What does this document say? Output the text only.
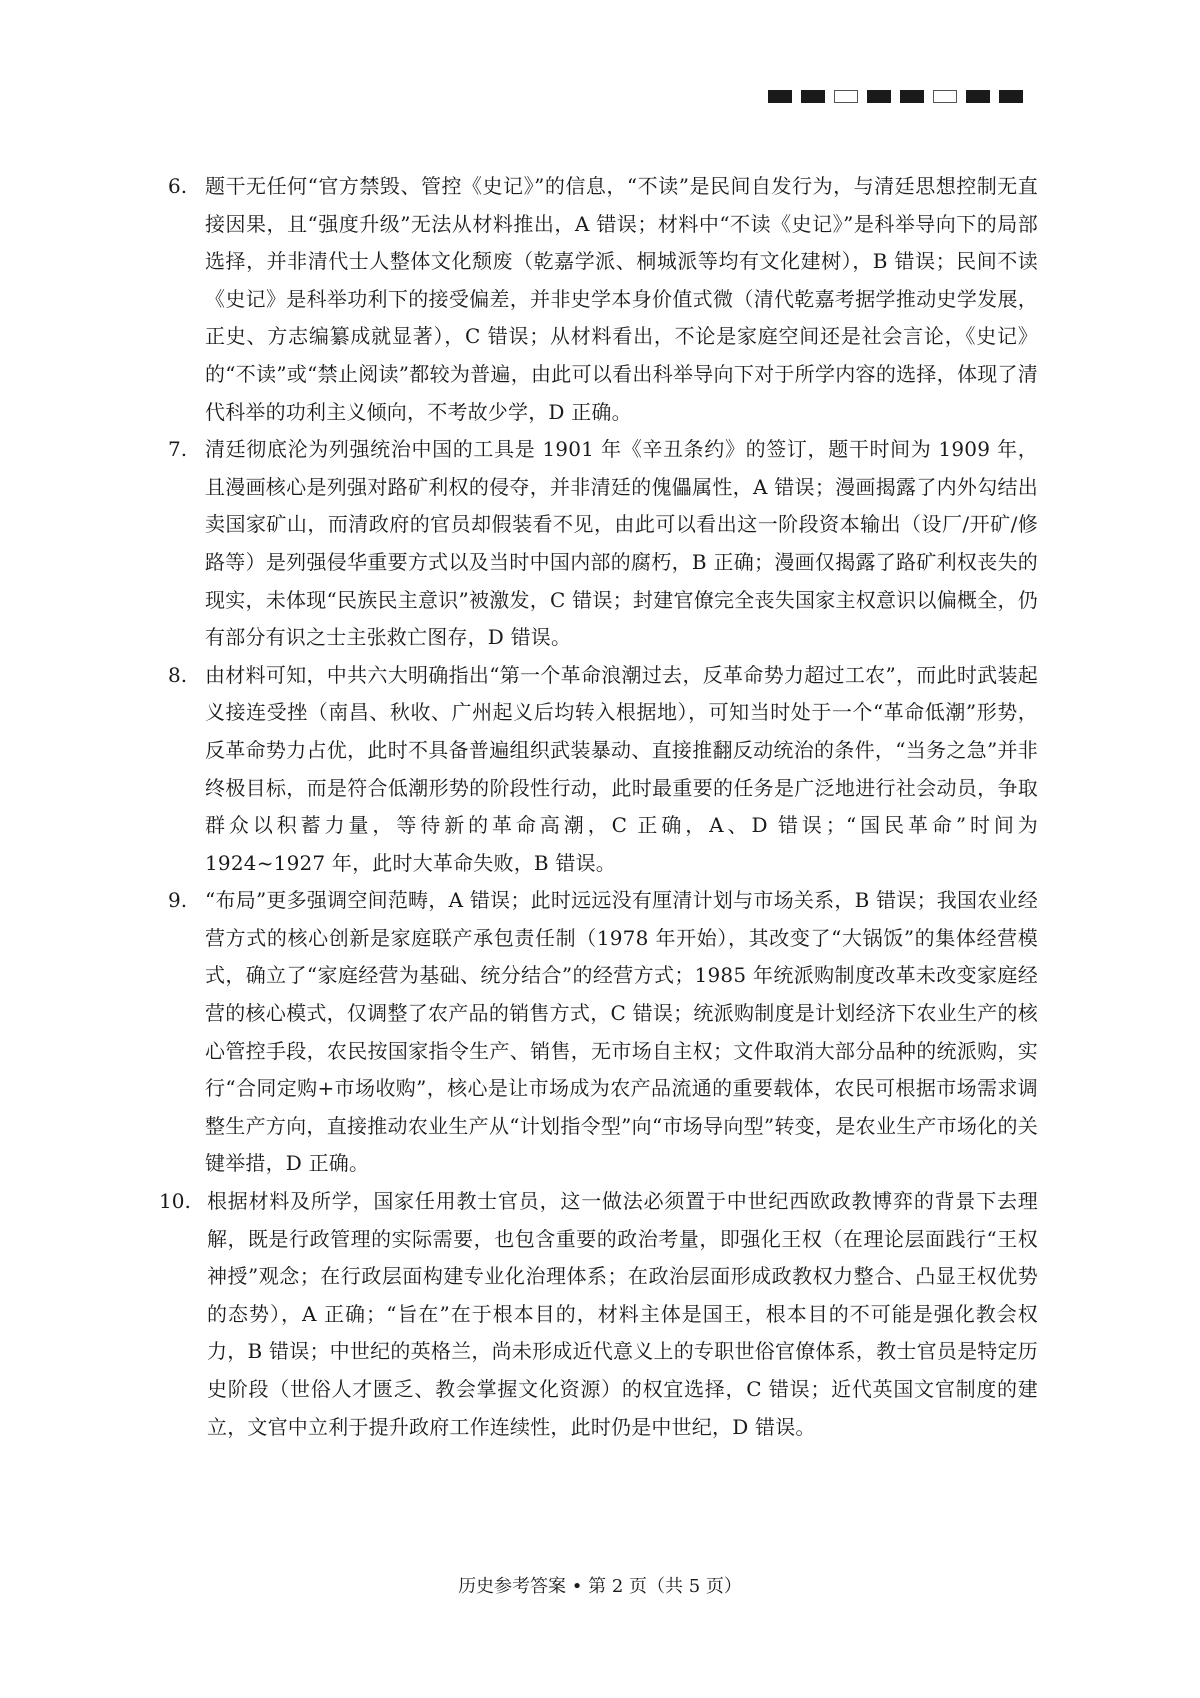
6. 题干无任何“官方禁毁、管控《史记》”的信息，“不读”是民间自发行为，与清廷思想控制无直接因果，且“强度升级”无法从材料推出，A 错误；材料中“不读《史记》”是科举导向下的局部选择，并非清代士人整体文化颓废（乾嘉学派、桐城派等均有文化建树），B 错误；民间不读《史记》是科举功利下的接受偏差，并非史学本身价值式微（清代乾嘉考据学推动史学发展，正史、方志编纂成就显著），C 错误；从材料看出，不论是家庭空间还是社会言论，《史记》的“不读”或“禁止阅读”都较为普遍，由此可以看出科举导向下对于所学内容的选择，体现了清代科举的功利主义倾向，不考故少学，D 正确。

7. 清廷彻底沦为列强统治中国的工具是 1901 年《辛丑条约》的签订，题干时间为 1909 年，且漫画核心是列强对路矿利权的侵夺，并非清廷的傀儡属性，A 错误；漫画揭露了内外勾结出卖国家矿山，而清政府的官员却假装看不见，由此可以看出这一阶段资本输出（设厂/开矿/修路等）是列强侵华重要方式以及当时中国内部的腐朽，B 正确；漫画仅揭露了路矿利权丧失的现实，未体现“民族民主意识”被激发，C 错误；封建官僚完全丧失国家主权意识以偏概全，仍有部分有识之士主张救亡图存，D 错误。

8. 由材料可知，中共六大明确指出“第一个革命浪潮过去，反革命势力超过工农”，而此时武装起义接连受挫（南昌、秋收、广州起义后均转入根据地），可知当时处于一个“革命低潮”形势，反革命势力占优，此时不具备普遍组织武装暴动、直接推翻反动统治的条件，“当务之急”并非终极目标，而是符合低潮形势的阶段性行动，此时最重要的任务是广泛地进行社会动员，争取群众以积蓄力量，等待新的革命高潮，C 正确，A、D 错误；“国民革命”时间为 1924~1927 年，此时大革命失败，B 错误。

9. “布局”更多强调空间范畴，A 错误；此时远远没有厘清计划与市场关系，B 错误；我国农业经营方式的核心创新是家庭联产承包责任制（1978 年开始），其改变了“大锅饭”的集体经营模式，确立了“家庭经营为基础、统分结合”的经营方式；1985 年统派购制度改革未改变家庭经营的核心模式，仅调整了农产品的销售方式，C 错误；统派购制度是计划经济下农业生产的核心管控手段，农民按国家指令生产、销售，无市场自主权；文件取消大部分品种的统派购，实行“合同定购+市场收购”，核心是让市场成为农产品流通的重要载体，农民可根据市场需求调整生产方向，直接推动农业生产从“计划指令型”向“市场导向型”转变，是农业生产市场化的关键举措，D 正确。

10. 根据材料及所学，国家任用教士官员，这一做法必须置于中世纪西欧政教博弈的背景下去理解，既是行政管理的实际需要，也包含重要的政治考量，即强化王权（在理论层面践行“王权神授”观念；在行政层面构建专业化治理体系；在政治层面形成政教权力整合、凸显王权优势的态势），A 正确；“旨在”在于根本目的，材料主体是国王，根本目的不可能是强化教会权力，B 错误；中世纪的英格兰，尚未形成近代意义上的专职世俗官僚体系，教士官员是特定历史阶段（世俗人才匮乏、教会掌握文化资源）的权宜选择，C 错误；近代英国文官制度的建立，文官中立利于提升政府工作连续性，此时仍是中世纪，D 错误。

历史参考答案 • 第 2 页（共 5 页）
